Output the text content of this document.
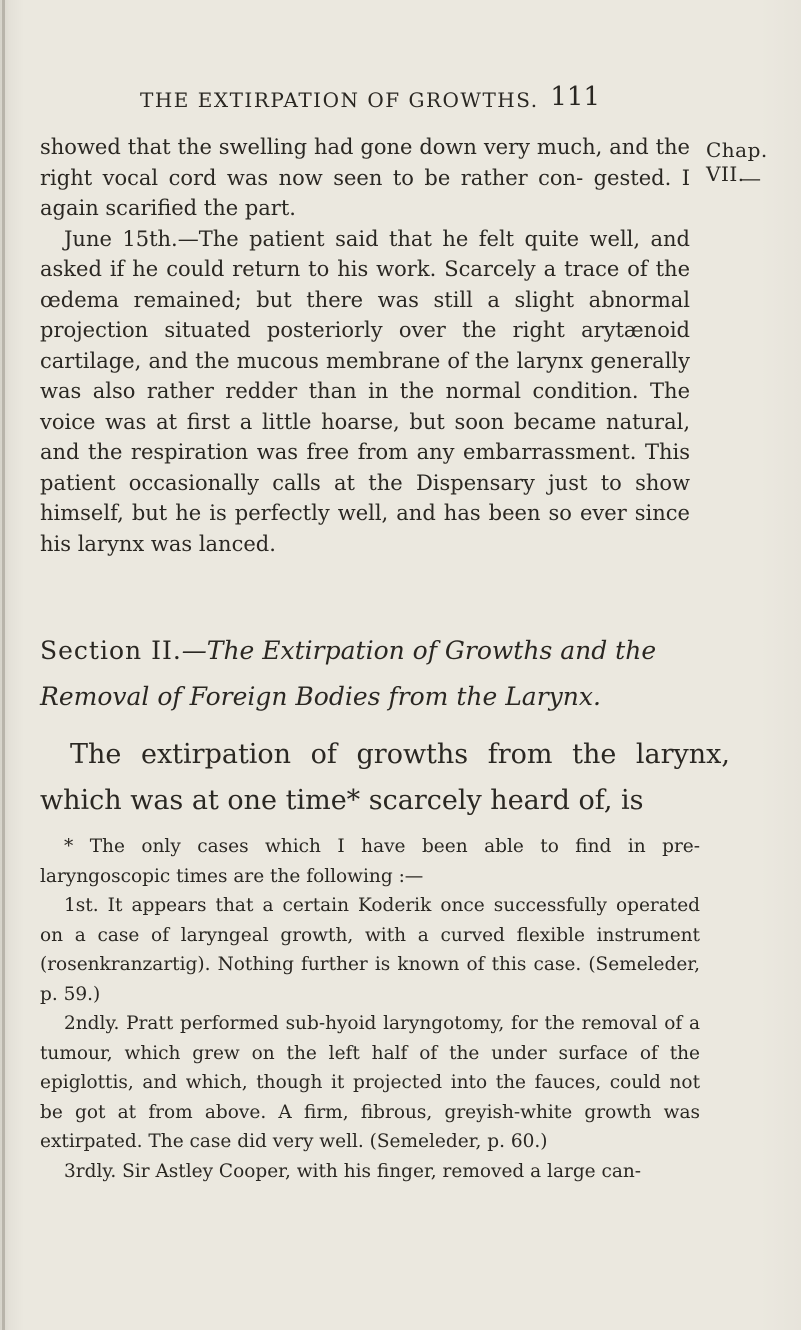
THE EXTIRPATION OF GROWTHS. 111
Chap. VII.
—

showed that the swelling had gone down very much, and the right vocal cord was now seen to be rather con- gested. I again scarified the part.

June 15th.—The patient said that he felt quite well, and asked if he could return to his work. Scarcely a trace of the œdema remained; but there was still a slight abnormal projection situated posteriorly over the right arytænoid cartilage, and the mucous membrane of the larynx generally was also rather redder than in the normal condition. The voice was at first a little hoarse, but soon became natural, and the respiration was free from any embarrassment. This patient occasionally calls at the Dispensary just to show himself, but he is perfectly well, and has been so ever since his larynx was lanced.

Section II.—The Extirpation of Growths and the Removal of Foreign Bodies from the Larynx.

The extirpation of growths from the larynx, which was at one time* scarcely heard of, is

* The only cases which I have been able to find in pre-laryngoscopic times are the following :—

1st. It appears that a certain Koderik once successfully operated on a case of laryngeal growth, with a curved flexible instrument (rosenkranzartig). Nothing further is known of this case. (Semeleder, p. 59.)

2ndly. Pratt performed sub-hyoid laryngotomy, for the removal of a tumour, which grew on the left half of the under surface of the epiglottis, and which, though it projected into the fauces, could not be got at from above. A firm, fibrous, greyish-white growth was extirpated. The case did very well. (Semeleder, p. 60.)

3rdly. Sir Astley Cooper, with his finger, removed a large can-
